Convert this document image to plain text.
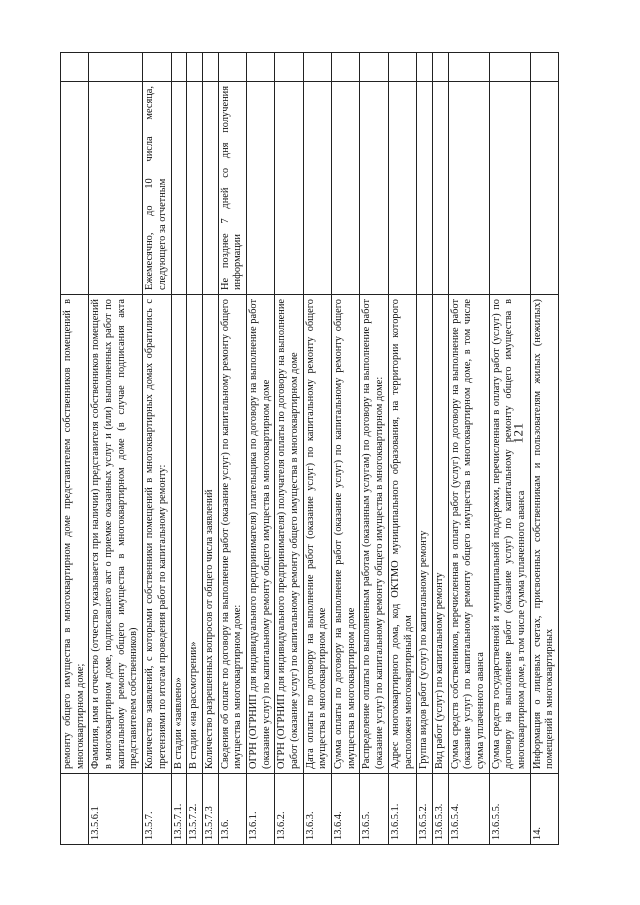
121
	ремонту общего имущества в многоквартирном доме представителем собственников помещений в многоквартирном доме;		
13.5.6.1	Фамилия, имя и отчество (отчество указывается при наличии) представителя собственников помещений в многоквартирном доме, подписавшего акт о приемке оказанных услуг и (или) выполненных работ по капитальному ремонту общего имущества в многоквартирном доме (в случае подписания акта представителем собственников)		
13.5.7.	Количество заявлений, с которыми собственники помещений в многоквартирных домах обратились с претензиями по итогам проведения работ по капитальному ремонту:	Ежемесячно, до 10 числа месяца, следующего за отчетным	
13.5.7.1.	В стадии «заявлено»		
13.5.7.2.	В стадии «на рассмотрении»		
13.5.7.3	Количество разрешенных вопросов от общего числа заявлений		
13.6.	Сведения об оплате по договору на выполнение работ (оказание услуг) по капитальному ремонту общего имущества в многоквартирном доме:	Не позднее 7 дней со дня получения информации	
13.6.1.	ОГРН (ОГРНИП для индивидуального предпринимателя) плательщика по договору на выполнение работ (оказание услуг) по капитальному ремонту общего имущества в многоквартирном доме		
13.6.2.	ОГРН (ОГРНИП для индивидуального предпринимателя) получателя оплаты по договору на выполнение работ (оказание услуг) по капитальному ремонту общего имущества в многоквартирном доме		
13.6.3.	Дата оплаты по договору на выполнение работ (оказание услуг) по капитальному ремонту общего имущества в многоквартирном доме		
13.6.4.	Сумма оплаты по договору на выполнение работ (оказание услуг) по капитальному ремонту общего имущества в многоквартирном доме		
13.6.5.	Распределение оплаты по выполненным работам (оказанным услугам) по договору на выполнение работ (оказание услуг) по капитальному ремонту общего имущества в многоквартирном доме:		
13.6.5.1.	Адрес многоквартирного дома, код ОКТМО муниципального образования, на территории которого расположен многоквартирный дом		
13.6.5.2.	Группа видов работ (услуг) по капитальному ремонту		
13.6.5.3.	Вид работ (услуг) по капитальному ремонту		
13.6.5.4.	Сумма средств собственников, перечисленная в оплату работ (услуг) по договору на выполнение работ (оказание услуг) по капитальному ремонту общего имущества в многоквартирном доме, в том числе сумма уплаченного аванса		
13.6.5.5.	Сумма средств государственной и муниципальной поддержки, перечисленная в оплату работ (услуг) по договору на выполнение работ (оказание услуг) по капитальному ремонту общего имущества в многоквартирном доме, в том числе сумма уплаченного аванса		
14.	Информация о лицевых счетах, присвоенных собственникам и пользователям жилых (нежилых) помещений в многоквартирных		
